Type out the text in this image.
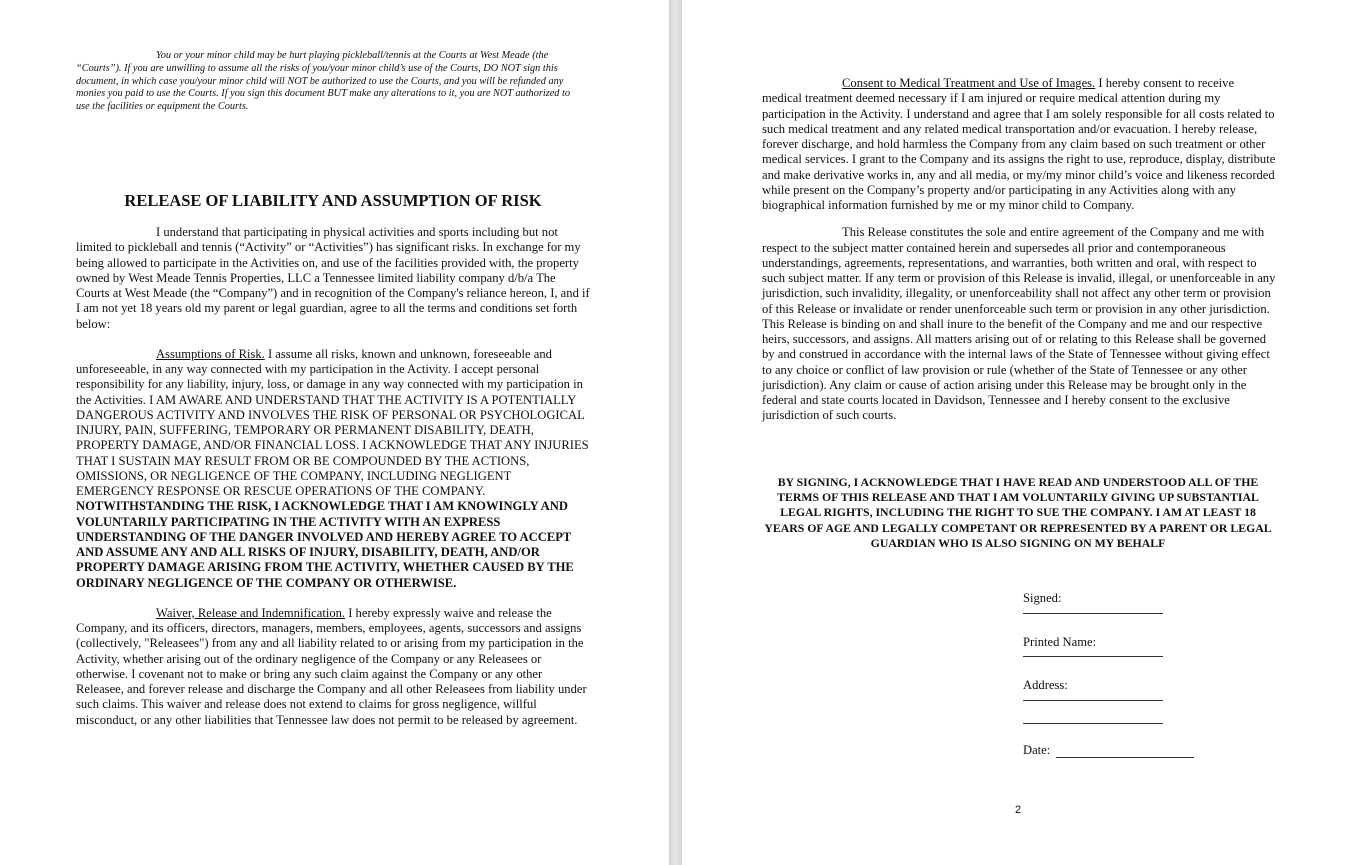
You or your minor child may be hurt playing pickleball/tennis at the Courts at West Meade (the “Courts”). If you are unwilling to assume all the risks of you/your minor child’s use of the Courts, DO NOT sign this document, in which case you/your minor child will NOT be authorized to use the Courts, and you will be refunded any monies you paid to use the Courts. If you sign this document BUT make any alterations to it, you are NOT authorized to use the facilities or equipment the Courts.

RELEASE OF LIABILITY AND ASSUMPTION OF RISK

I understand that participating in physical activities and sports including but not limited to pickleball and tennis (“Activity” or “Activities”) has significant risks. In exchange for my being allowed to participate in the Activities on, and use of the facilities provided with, the property owned by West Meade Tennis Properties, LLC a Tennessee limited liability company d/b/a The Courts at West Meade (the “Company”) and in recognition of the Company's reliance hereon, I, and if I am not yet 18 years old my parent or legal guardian, agree to all the terms and conditions set forth below:

Assumptions of Risk. I assume all risks, known and unknown, foreseeable and unforeseeable, in any way connected with my participation in the Activity. I accept personal responsibility for any liability, injury, loss, or damage in any way connected with my participation in the Activities. I AM AWARE AND UNDERSTAND THAT THE ACTIVITY IS A POTENTIALLY DANGEROUS ACTIVITY AND INVOLVES THE RISK OF PERSONAL OR PSYCHOLOGICAL INJURY, PAIN, SUFFERING, TEMPORARY OR PERMANENT DISABILITY, DEATH, PROPERTY DAMAGE, AND/OR FINANCIAL LOSS. I ACKNOWLEDGE THAT ANY INJURIES THAT I SUSTAIN MAY RESULT FROM OR BE COMPOUNDED BY THE ACTIONS, OMISSIONS, OR NEGLIGENCE OF THE COMPANY, INCLUDING NEGLIGENT EMERGENCY RESPONSE OR RESCUE OPERATIONS OF THE COMPANY. NOTWITHSTANDING THE RISK, I ACKNOWLEDGE THAT I AM KNOWINGLY AND VOLUNTARILY PARTICIPATING IN THE ACTIVITY WITH AN EXPRESS UNDERSTANDING OF THE DANGER INVOLVED AND HEREBY AGREE TO ACCEPT AND ASSUME ANY AND ALL RISKS OF INJURY, DISABILITY, DEATH, AND/OR PROPERTY DAMAGE ARISING FROM THE ACTIVITY, WHETHER CAUSED BY THE ORDINARY NEGLIGENCE OF THE COMPANY OR OTHERWISE.

Waiver, Release and Indemnification. I hereby expressly waive and release the Company, and its officers, directors, managers, members, employees, agents, successors and assigns (collectively, "Releasees") from any and all liability related to or arising from my participation in the Activity, whether arising out of the ordinary negligence of the Company or any Releasees or otherwise. I covenant not to make or bring any such claim against the Company or any other Releasee, and forever release and discharge the Company and all other Releasees from liability under such claims. This waiver and release does not extend to claims for gross negligence, willful misconduct, or any other liabilities that Tennessee law does not permit to be released by agreement.

Consent to Medical Treatment and Use of Images. I hereby consent to receive medical treatment deemed necessary if I am injured or require medical attention during my participation in the Activity. I understand and agree that I am solely responsible for all costs related to such medical treatment and any related medical transportation and/or evacuation. I hereby release, forever discharge, and hold harmless the Company from any claim based on such treatment or other medical services. I grant to the Company and its assigns the right to use, reproduce, display, distribute and make derivative works in, any and all media, or my/my minor child’s voice and likeness recorded while present on the Company’s property and/or participating in any Activities along with any biographical information furnished by me or my minor child to Company.

This Release constitutes the sole and entire agreement of the Company and me with respect to the subject matter contained herein and supersedes all prior and contemporaneous understandings, agreements, representations, and warranties, both written and oral, with respect to such subject matter. If any term or provision of this Release is invalid, illegal, or unenforceable in any jurisdiction, such invalidity, illegality, or unenforceability shall not affect any other term or provision of this Release or invalidate or render unenforceable such term or provision in any other jurisdiction. This Release is binding on and shall inure to the benefit of the Company and me and our respective heirs, successors, and assigns. All matters arising out of or relating to this Release shall be governed by and construed in accordance with the internal laws of the State of Tennessee without giving effect to any choice or conflict of law provision or rule (whether of the State of Tennessee or any other jurisdiction). Any claim or cause of action arising under this Release may be brought only in the federal and state courts located in Davidson, Tennessee and I hereby consent to the exclusive jurisdiction of such courts.

BY SIGNING, I ACKNOWLEDGE THAT I HAVE READ AND UNDERSTOOD ALL OF THE TERMS OF THIS RELEASE AND THAT I AM VOLUNTARILY GIVING UP SUBSTANTIAL LEGAL RIGHTS, INCLUDING THE RIGHT TO SUE THE COMPANY. I AM AT LEAST 18 YEARS OF AGE AND LEGALLY COMPETANT OR REPRESENTED BY A PARENT OR LEGAL GUARDIAN WHO IS ALSO SIGNING ON MY BEHALF
Signed:
Printed Name:
Address:
Date:
2
